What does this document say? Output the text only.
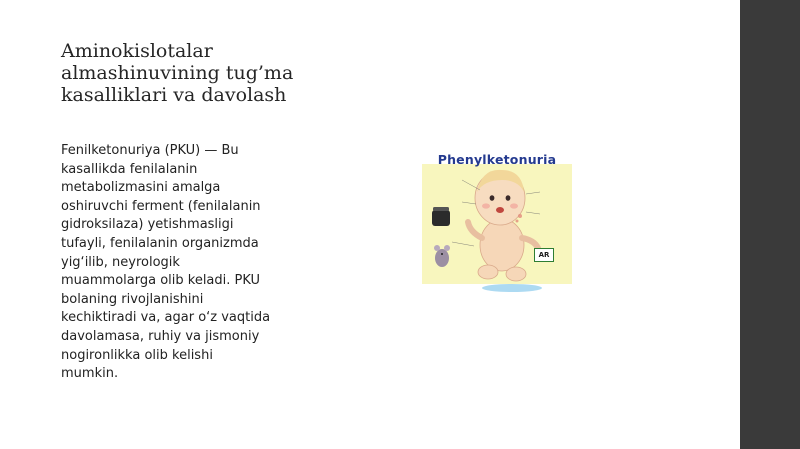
Aminokislotalar almashinuvining tug’ma kasalliklari va davolash

Fenilketonuriya (PKU) — Bu kasallikda fenilalanin metabolizmasini amalga oshiruvchi ferment (fenilalanin gidroksilaza) yetishmasligi tufayli, fenilalanin organizmda yig‘ilib, neyrologik muammolarga olib keladi. PKU bolaning rivojlanishini kechiktiradi va, agar o‘z vaqtida davolamasa, ruhiy va jismoniy nogironlikka olib kelishi mumkin.

Phenylketonuria
AR
